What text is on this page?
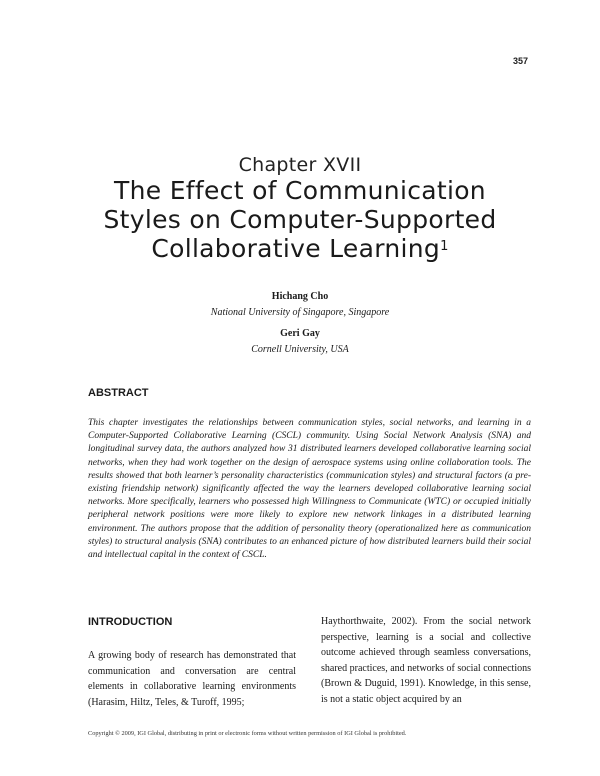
357
Chapter XVII
The Effect of Communication
Styles on Computer-Supported
Collaborative Learning$^1$
Hichang Cho
National University of Singapore, Singapore
Geri Gay
Cornell University, USA
ABSTRACT

This chapter investigates the relationships between communication styles, social networks, and learning in a Computer-Supported Collaborative Learning (CSCL) community. Using Social Network Analysis (SNA) and longitudinal survey data, the authors analyzed how 31 distributed learners developed collaborative learning social networks, when they had work together on the design of aerospace systems using online collaboration tools. The results showed that both learner’s personality characteristics (communication styles) and structural factors (a pre-existing friendship network) significantly affected the way the learners developed collaborative learning social networks. More specifically, learners who possessed high Willingness to Communicate (WTC) or occupied initially peripheral network positions were more likely to explore new network linkages in a distributed learning environment. The authors propose that the addition of personality theory (operationalized here as communication styles) to structural analysis (SNA) contributes to an enhanced picture of how distributed learners build their social and intellectual capital in the context of CSCL.

INTRODUCTION

A growing body of research has demonstrated that communication and conversation are central elements in collaborative learning environments (Harasim, Hiltz, Teles, & Turoff, 1995;

Haythorthwaite, 2002). From the social network perspective, learning is a social and collective outcome achieved through seamless conversations, shared practices, and networks of social connections (Brown & Duguid, 1991). Knowledge, in this sense, is not a static object acquired by an

Copyright © 2009, IGI Global, distributing in print or electronic forms without written permission of IGI Global is prohibited.
